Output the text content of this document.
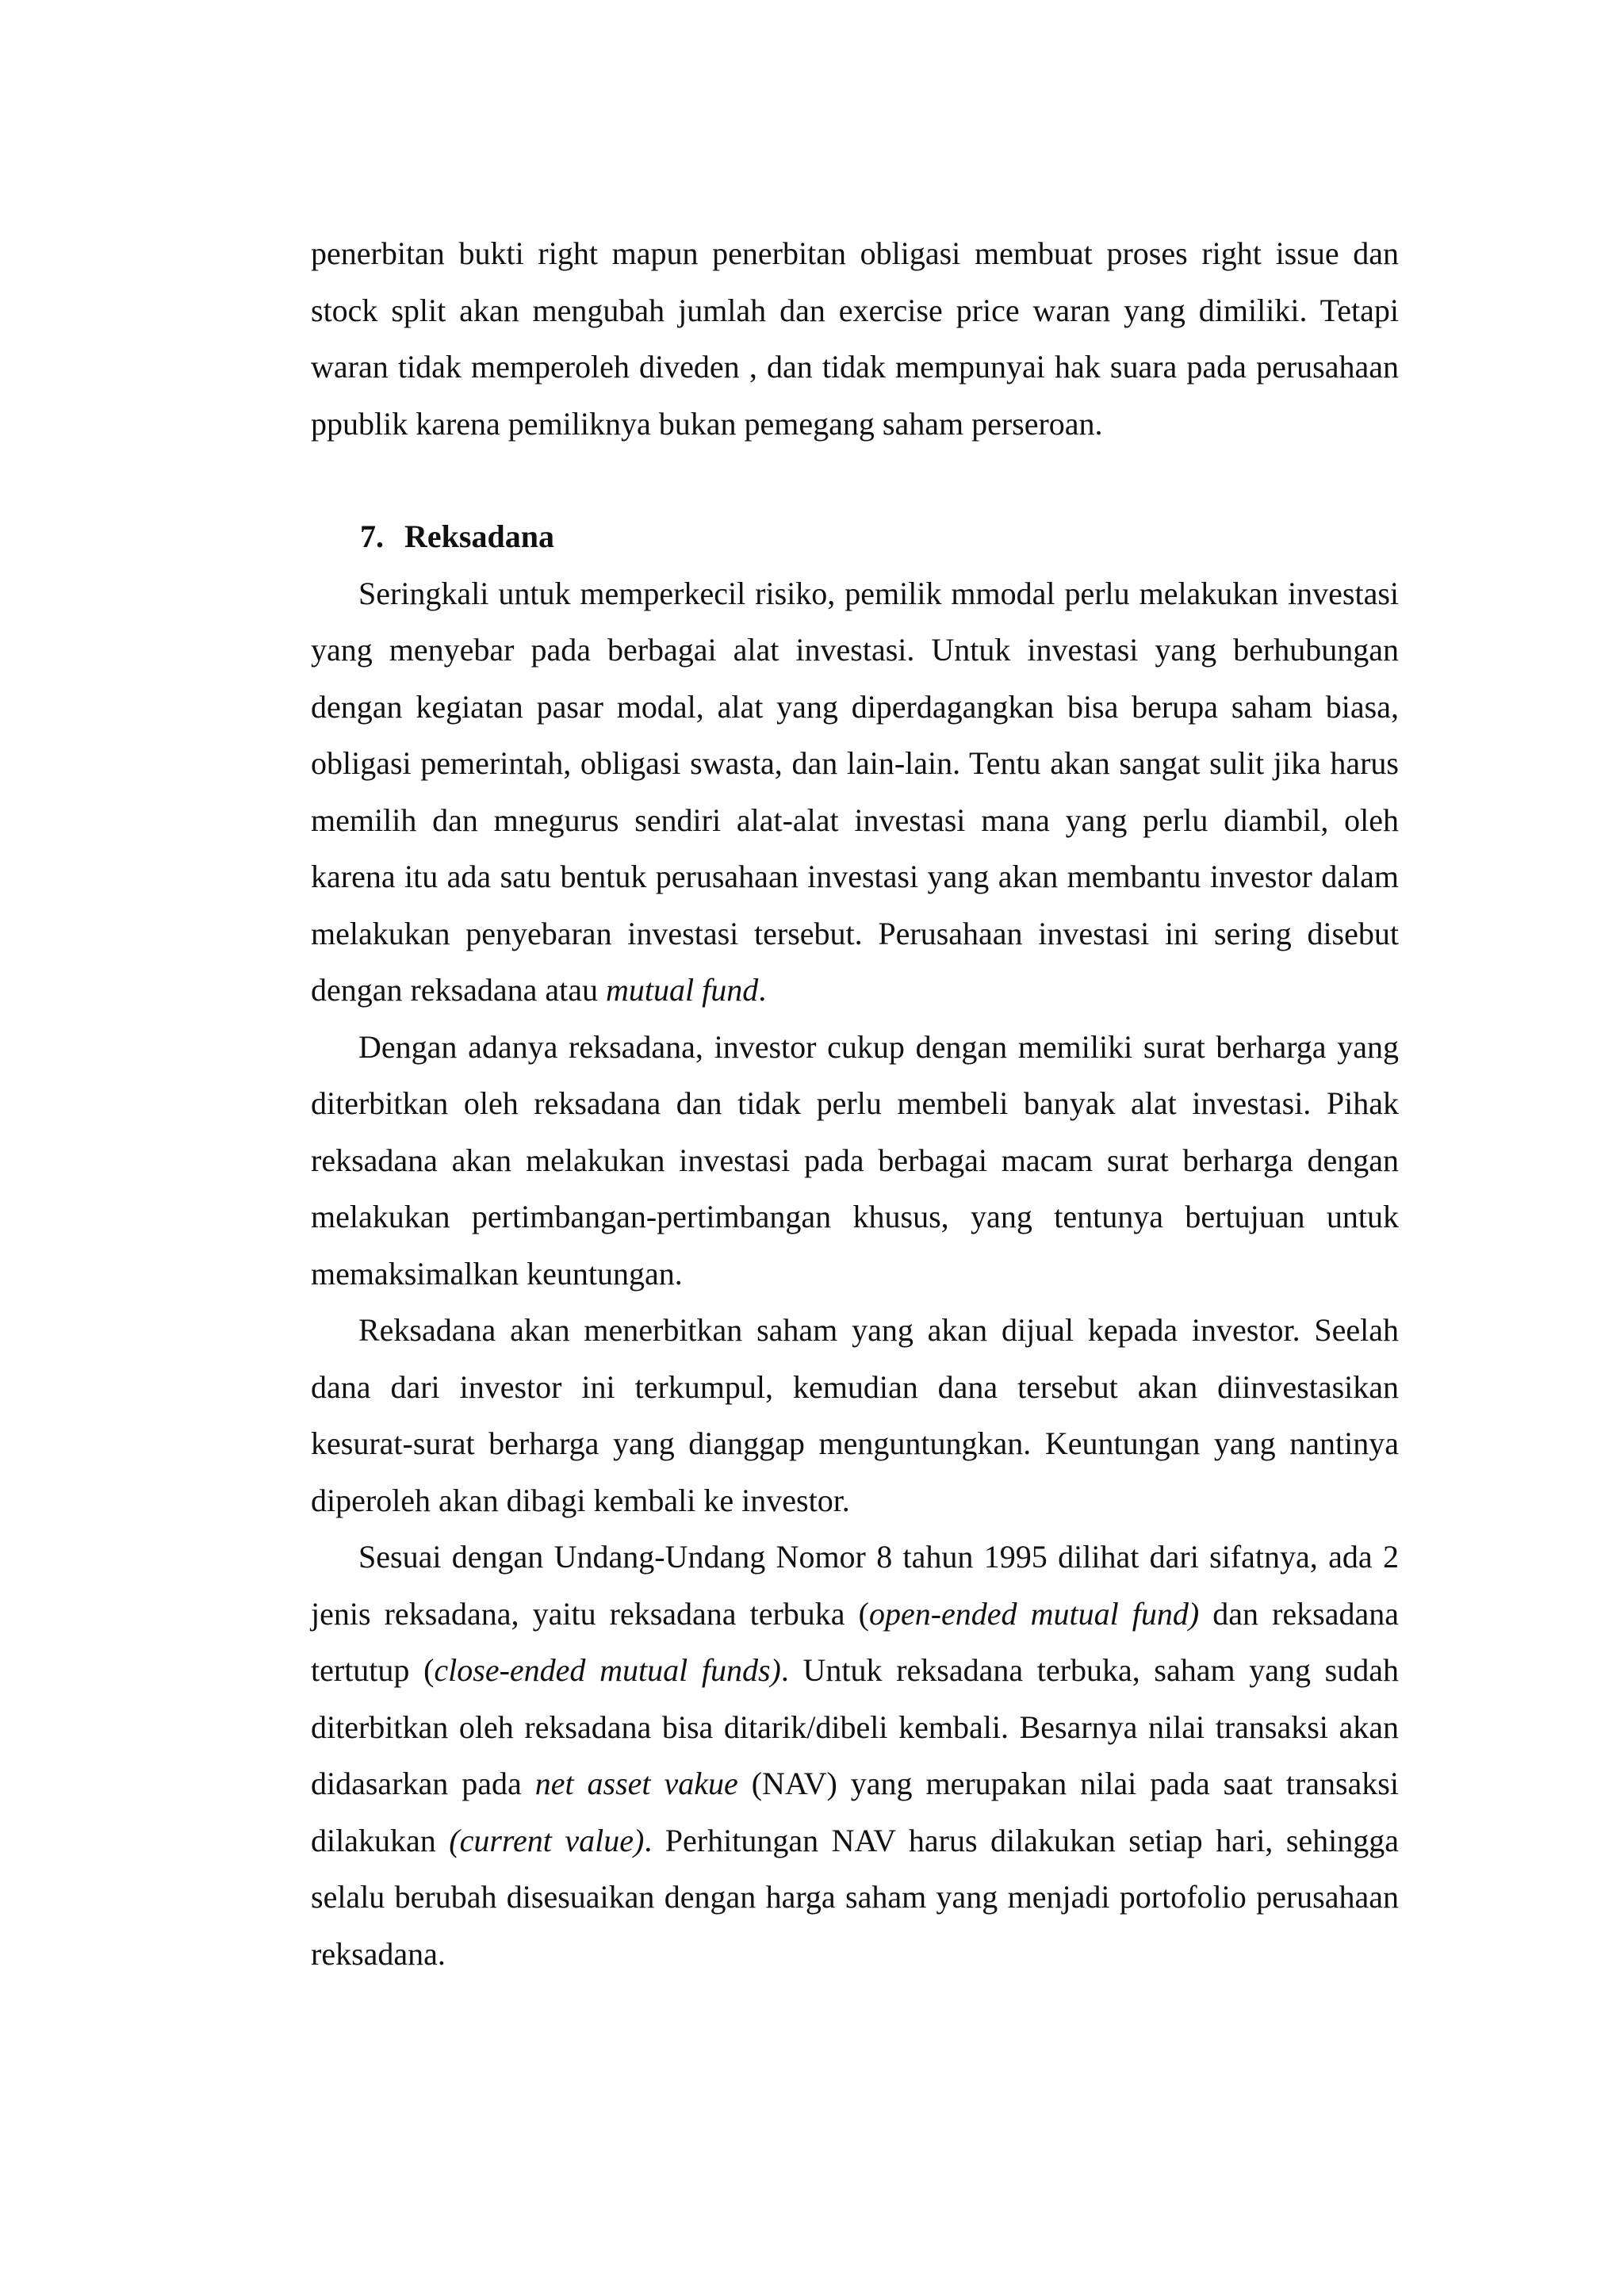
penerbitan bukti right mapun penerbitan obligasi membuat proses right issue dan stock split akan mengubah jumlah dan exercise price waran yang dimiliki. Tetapi waran tidak memperoleh diveden , dan tidak mempunyai hak suara pada perusahaan ppublik karena pemiliknya bukan pemegang saham perseroan.

7. Reksadana

Seringkali untuk memperkecil risiko, pemilik mmodal perlu melakukan investasi yang menyebar pada berbagai alat investasi. Untuk investasi yang berhubungan dengan kegiatan pasar modal, alat yang diperdagangkan bisa berupa saham biasa, obligasi pemerintah, obligasi swasta, dan lain-lain. Tentu akan sangat sulit jika harus memilih dan mnegurus sendiri alat-alat investasi mana yang perlu diambil, oleh karena itu ada satu bentuk perusahaan investasi yang akan membantu investor dalam melakukan penyebaran investasi tersebut. Perusahaan investasi ini sering disebut dengan reksadana atau mutual fund.

Dengan adanya reksadana, investor cukup dengan memiliki surat berharga yang diterbitkan oleh reksadana dan tidak perlu membeli banyak alat investasi. Pihak reksadana akan melakukan investasi pada berbagai macam surat berharga dengan melakukan pertimbangan-pertimbangan khusus, yang tentunya bertujuan untuk memaksimalkan keuntungan.

Reksadana akan menerbitkan saham yang akan dijual kepada investor. Seelah dana dari investor ini terkumpul, kemudian dana tersebut akan diinvestasikan kesurat-surat berharga yang dianggap menguntungkan. Keuntungan yang nantinya diperoleh akan dibagi kembali ke investor.

Sesuai dengan Undang-Undang Nomor 8 tahun 1995 dilihat dari sifatnya, ada 2 jenis reksadana, yaitu reksadana terbuka (open-ended mutual fund) dan reksadana tertutup (close-ended mutual funds). Untuk reksadana terbuka, saham yang sudah diterbitkan oleh reksadana bisa ditarik/dibeli kembali. Besarnya nilai transaksi akan didasarkan pada net asset vakue (NAV) yang merupakan nilai pada saat transaksi dilakukan (current value). Perhitungan NAV harus dilakukan setiap hari, sehingga selalu berubah disesuaikan dengan harga saham yang menjadi portofolio perusahaan reksadana.
